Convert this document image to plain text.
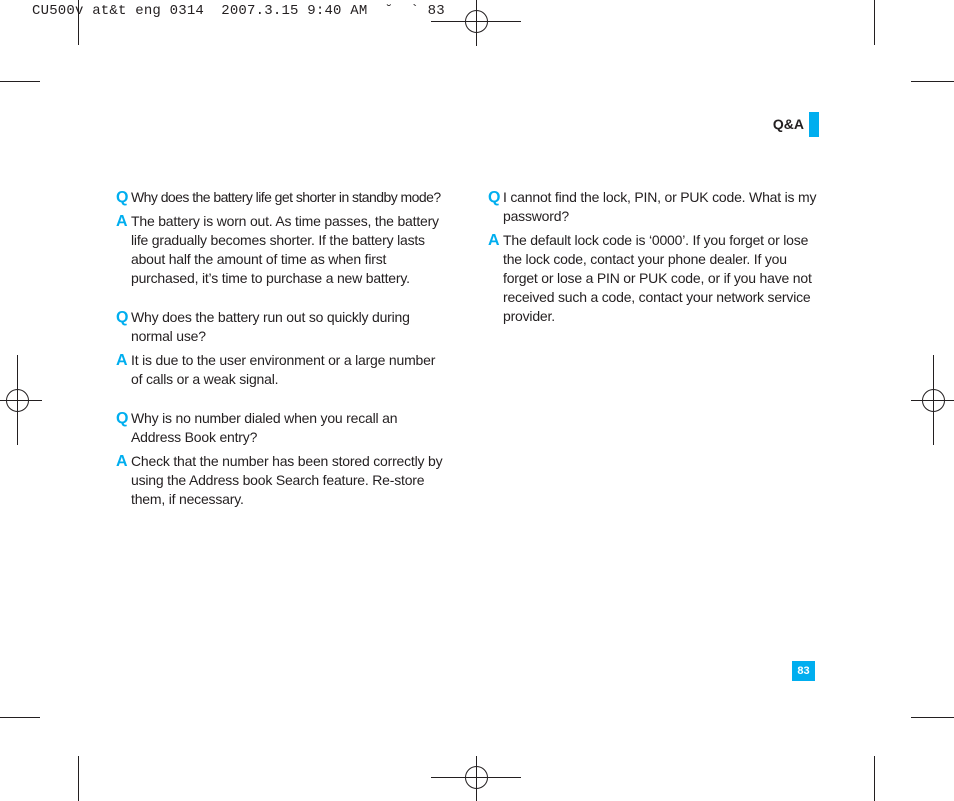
CU500v at&t eng 0314  2007.3.15 9:40 AM  ˘  ` 83
Q&A
Q Why does the battery life get shorter in standby mode?
A The battery is worn out. As time passes, the battery life gradually becomes shorter. If the battery lasts about half the amount of time as when first purchased, it’s time to purchase a new battery.
Q Why does the battery run out so quickly during normal use?
A It is due to the user environment or a large number of calls or a weak signal.
Q Why is no number dialed when you recall an Address Book entry?
A Check that the number has been stored correctly by using the Address book Search feature. Re-store them, if necessary.
Q I cannot find the lock, PIN, or PUK code. What is my password?
A The default lock code is ‘0000’. If you forget or lose the lock code, contact your phone dealer. If you forget or lose a PIN or PUK code, or if you have not received such a code, contact your network service provider.
83
